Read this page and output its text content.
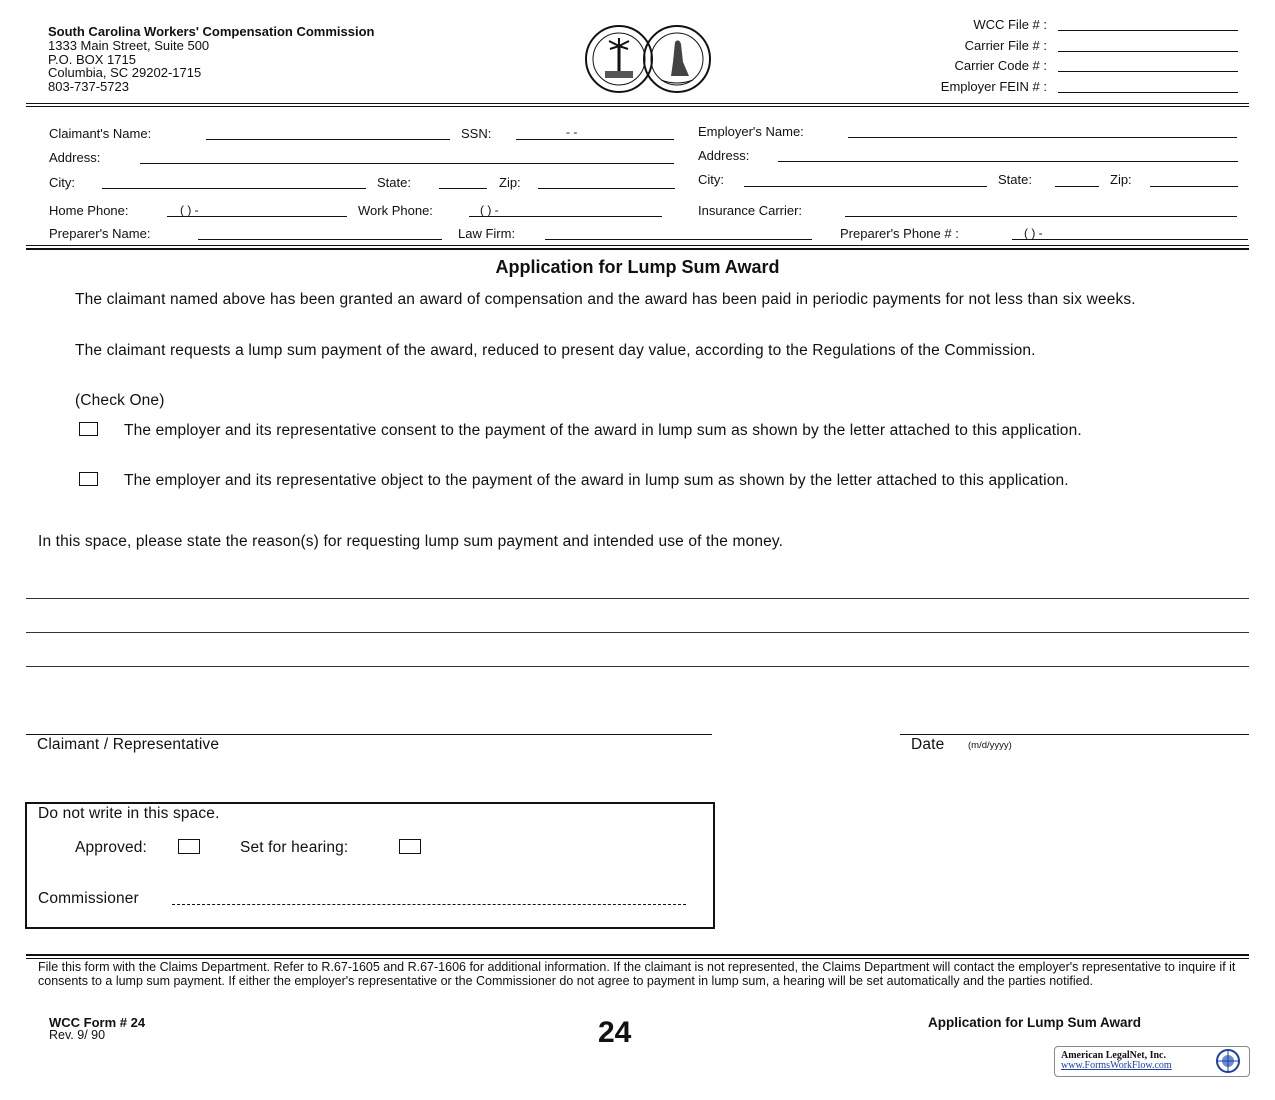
South Carolina Workers' Compensation Commission
1333 Main Street, Suite 500
P.O. BOX 1715
Columbia, SC 29202-1715
803-737-5723
WCC File # :
Carrier File # :
Carrier Code # :
Employer FEIN # :
Claimant's Name:	SSN:	- -
Address:
City:	State:	Zip:
Home Phone:	( ) -	Work Phone:	( ) -
Preparer's Name:	Law Firm:	Preparer's Phone # :	( ) -
Employer's Name:
Address:
City:	State:	Zip:
Insurance Carrier:
Application for Lump Sum Award
The claimant named above has been granted an award of compensation and the award has been paid in periodic payments for not less than six weeks.
The claimant requests a lump sum payment of the award, reduced to present day value, according to the Regulations of the Commission.
(Check One)
The employer and its representative consent to the payment of the award in lump sum as shown by the letter attached to this application.
The employer and its representative object to the payment of the award in lump sum as shown by the letter attached to this application.
In this space, please state the reason(s) for requesting lump sum payment and intended use of the money.
Claimant / Representative	Date (m/d/yyyy)
Do not write in this space.
Approved:	Set for hearing:
Commissioner
File this form with the Claims Department. Refer to R.67-1605 and R.67-1606 for additional information. If the claimant is not represented, the Claims Department will contact the employer's representative to inquire if it consents to a lump sum payment. If either the employer's representative or the Commissioner do not agree to payment in lump sum, a hearing will be set automatically and the parties notified.
WCC Form # 24
Rev. 9/ 90	24	Application for Lump Sum Award
American LegalNet, Inc.
www.FormsWorkFlow.com
